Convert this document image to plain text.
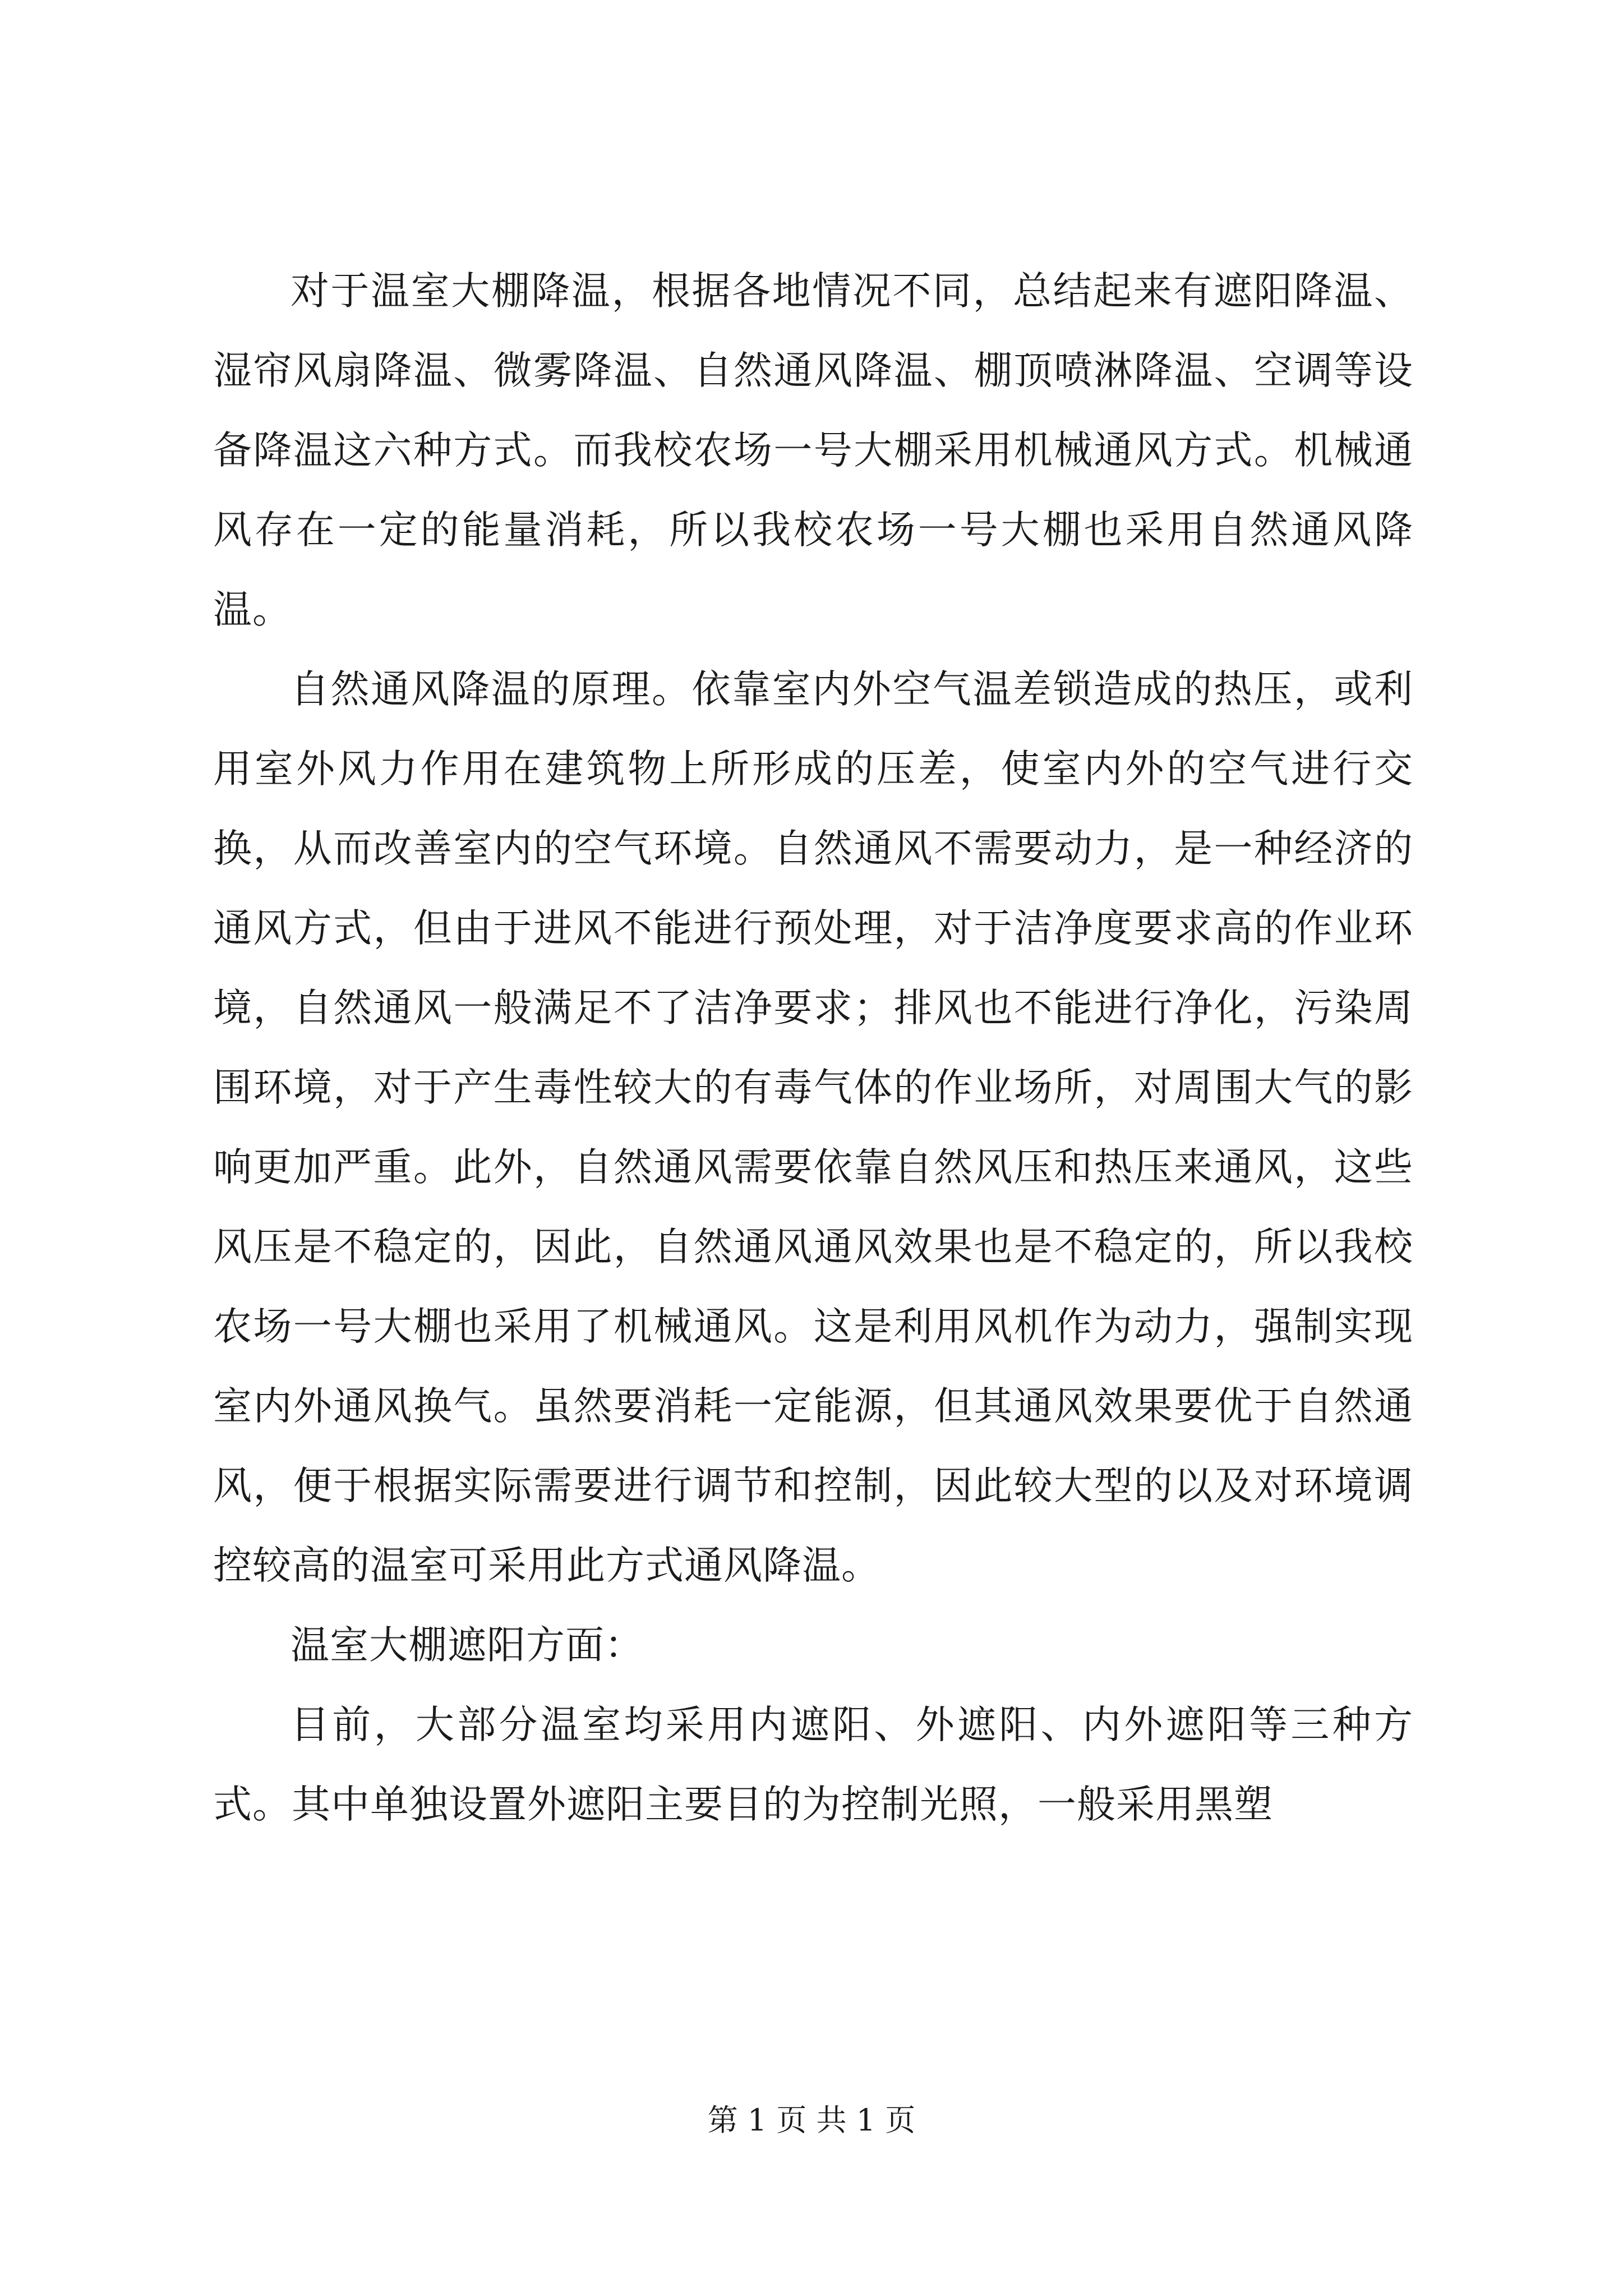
对于温室大棚降温，根据各地情况不同，总结起来有遮阳降温、湿帘风扇降温、微雾降温、自然通风降温、棚顶喷淋降温、空调等设备降温这六种方式。而我校农场一号大棚采用机械通风方式。机械通风存在一定的能量消耗，所以我校农场一号大棚也采用自然通风降温。

自然通风降温的原理。依靠室内外空气温差锁造成的热压，或利用室外风力作用在建筑物上所形成的压差，使室内外的空气进行交换，从而改善室内的空气环境。自然通风不需要动力，是一种经济的通风方式，但由于进风不能进行预处理，对于洁净度要求高的作业环境，自然通风一般满足不了洁净要求；排风也不能进行净化，污染周围环境，对于产生毒性较大的有毒气体的作业场所，对周围大气的影响更加严重。此外，自然通风需要依靠自然风压和热压来通风，这些风压是不稳定的，因此，自然通风通风效果也是不稳定的，所以我校农场一号大棚也采用了机械通风。这是利用风机作为动力，强制实现室内外通风换气。虽然要消耗一定能源，但其通风效果要优于自然通风，便于根据实际需要进行调节和控制，因此较大型的以及对环境调控较高的温室可采用此方式通风降温。

温室大棚遮阳方面：

目前，大部分温室均采用内遮阳、外遮阳、内外遮阳等三种方式。其中单独设置外遮阳主要目的为控制光照，一般采用黑塑

第 1 页 共 1 页
